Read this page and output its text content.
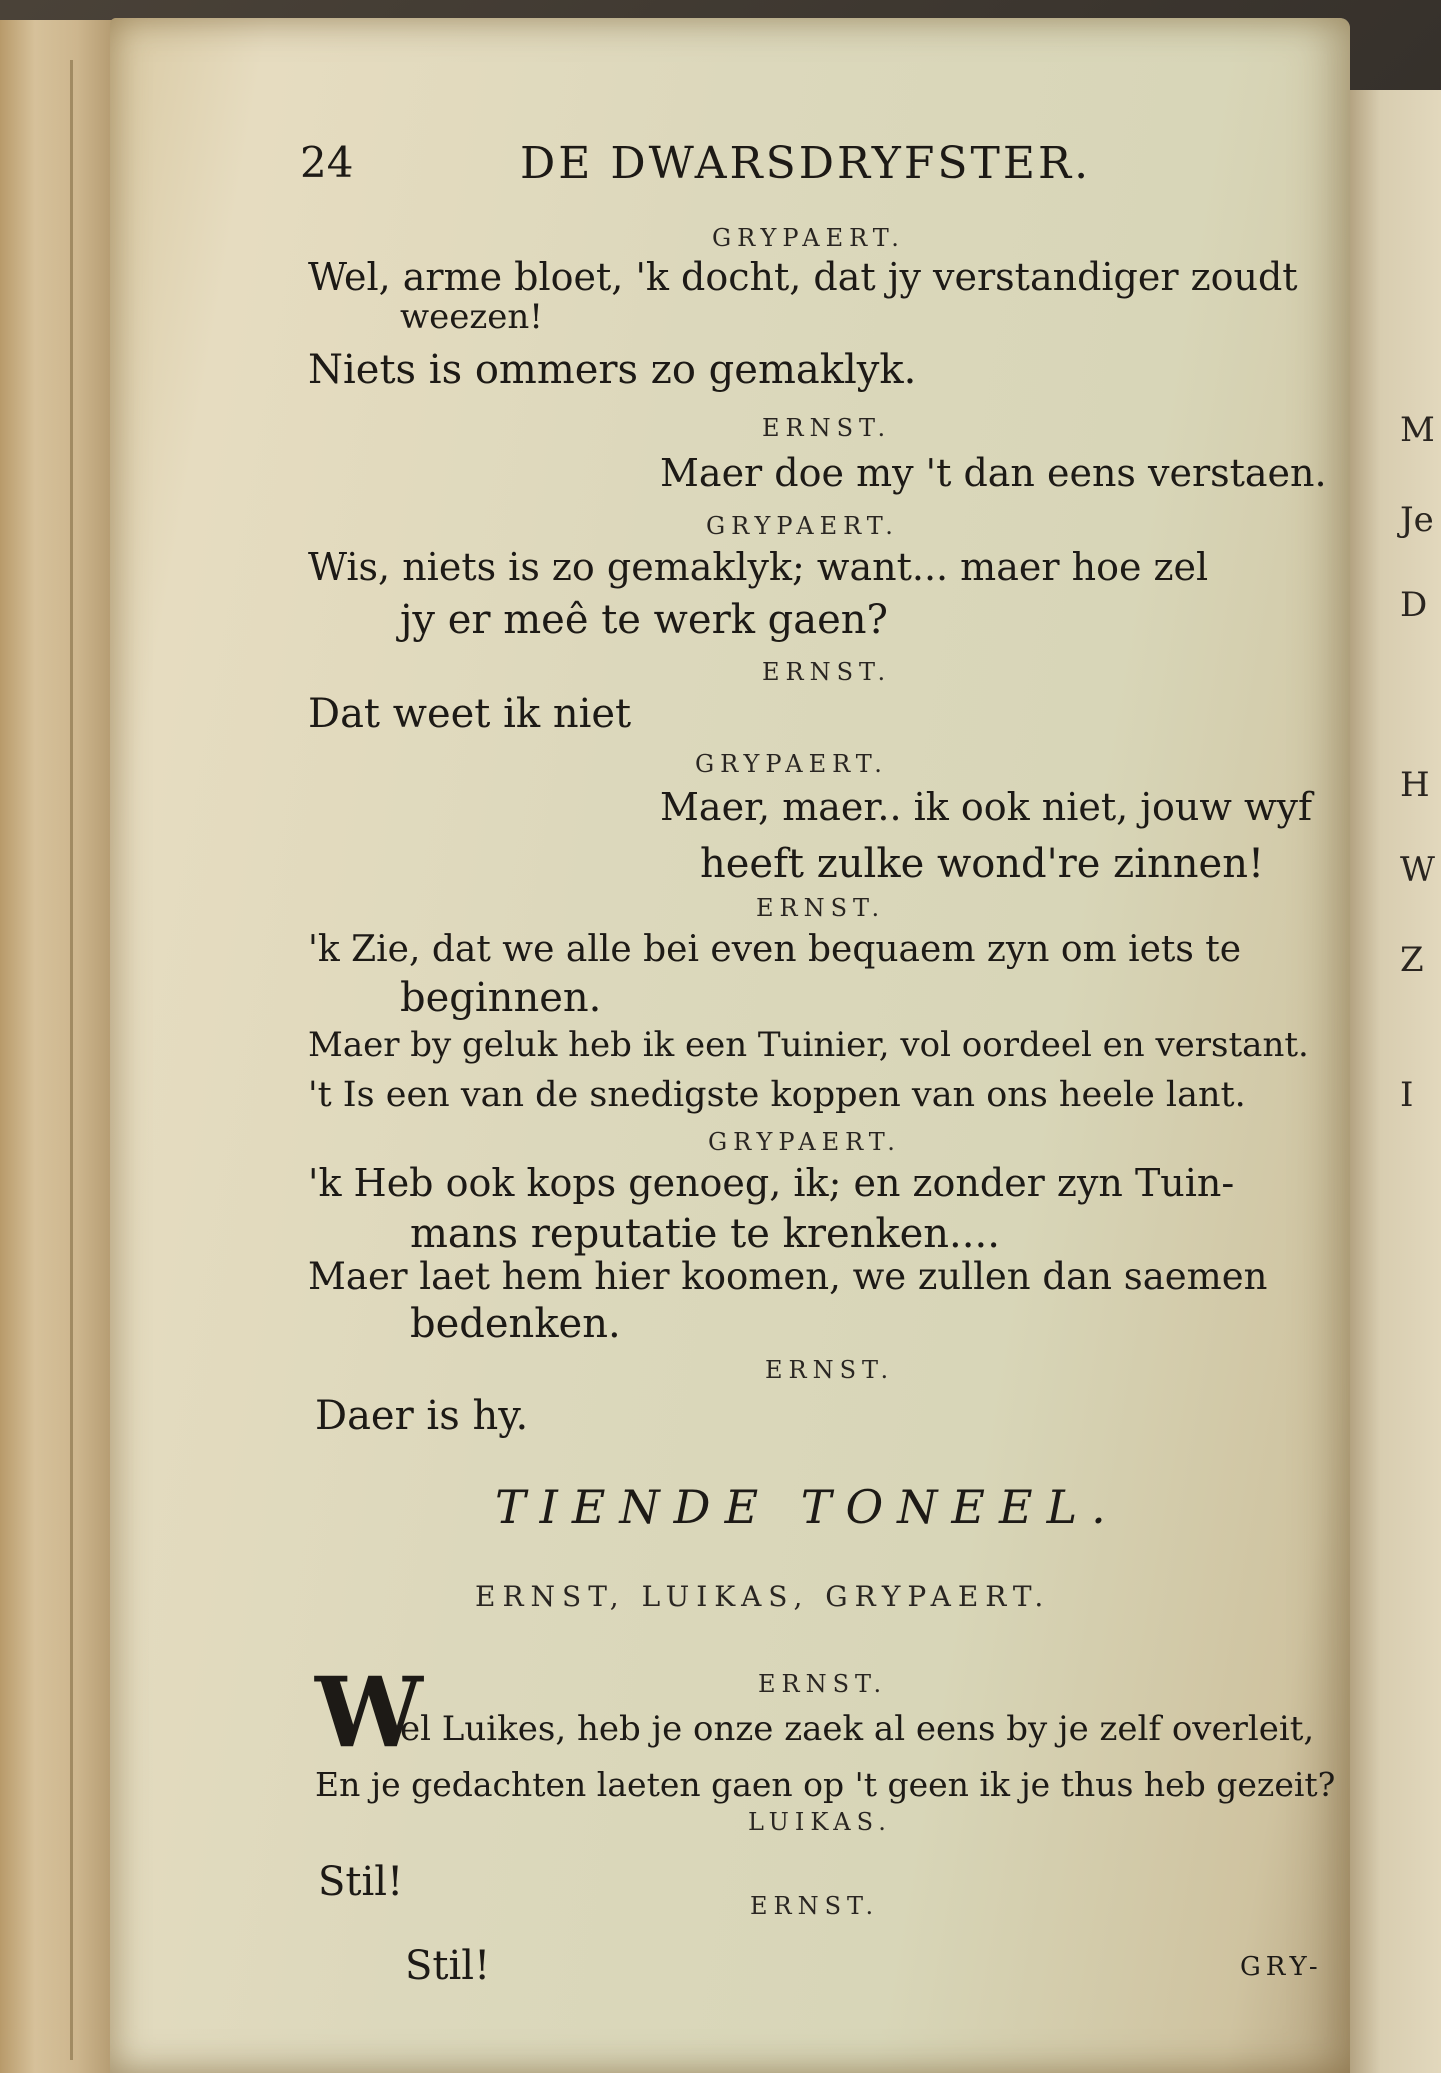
24	DE DWARSDRYFSTER.
GRYPAERT.
Wel, arme bloet, 'k docht, dat jy verstandiger zoudt
weezen!
Niets is ommers zo gemaklyk.
ERNST.
Maer doe my 't dan eens verstaen.
GRYPAERT.
Wis, niets is zo gemaklyk; want... maer hoe zel
jy er meê te werk gaen?
ERNST.
Dat weet ik niet
GRYPAERT.
Maer, maer.. ik ook niet, jouw wyf
heeft zulke wond're zinnen!
ERNST.
'k Zie, dat we alle bei even bequaem zyn om iets te
beginnen.
Maer by geluk heb ik een Tuinier, vol oordeel en verstant.
't Is een van de snedigste koppen van ons heele lant.
GRYPAERT.
'k Heb ook kops genoeg, ik; en zonder zyn Tuin-
mans reputatie te krenken....
Maer laet hem hier koomen, we zullen dan saemen
bedenken.
ERNST.
Daer is hy.
TIENDE TONEEL.
ERNST, LUIKAS, GRYPAERT.
ERNST.
W
el Luikes, heb je onze zaek al eens by je zelf overleit,
En je gedachten laeten gaen op 't geen ik je thus heb gezeit?
LUIKAS.
Stil!
ERNST.
Stil!	GRY-
M
Je
D
H
W
Z
I
